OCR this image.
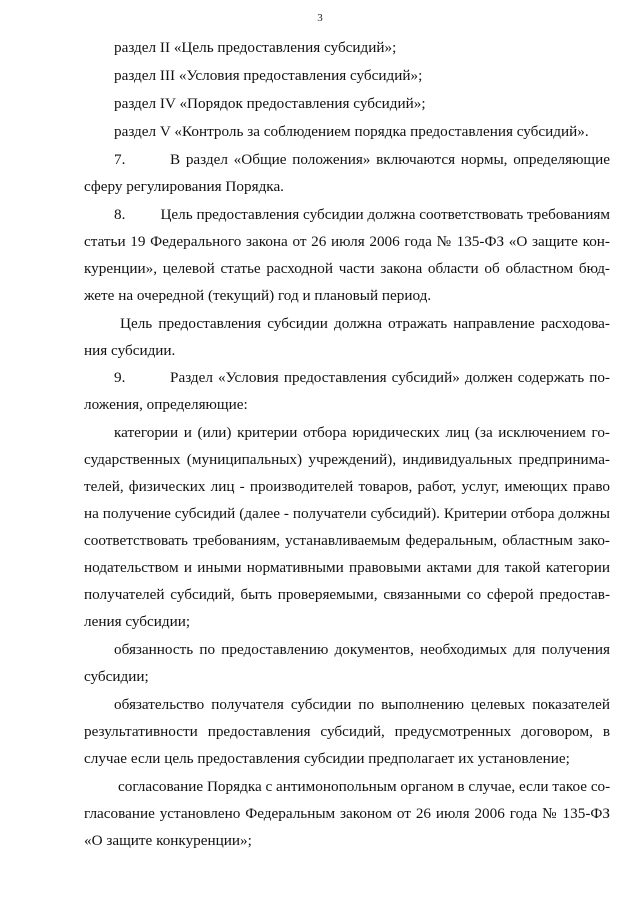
3
раздел II «Цель предоставления субсидий»;
раздел III «Условия предоставления субсидий»;
раздел IV «Порядок предоставления субсидий»;
раздел V «Контроль за соблюдением порядка предоставления субсидий».
7.	В раздел «Общие положения» включаются нормы, определяющие
сферу регулирования Порядка.
8.	Цель предоставления субсидии должна соответствовать требованиям
статьи 19 Федерального закона от 26 июля 2006 года № 135-ФЗ «О защите кон-
куренции», целевой статье расходной части закона области об областном бюд-
жете на очередной (текущий) год и плановый период.
Цель предоставления субсидии должна отражать направление расходова-
ния субсидии.
9.	Раздел «Условия предоставления субсидий» должен содержать по-
ложения, определяющие:
категории и (или) критерии отбора юридических лиц (за исключением го-
сударственных (муниципальных) учреждений), индивидуальных предпринима-
телей, физических лиц - производителей товаров, работ, услуг, имеющих право
на получение субсидий (далее - получатели субсидий). Критерии отбора должны
соответствовать требованиям, устанавливаемым федеральным, областным зако-
нодательством и иными нормативными правовыми актами для такой категории
получателей субсидий, быть проверяемыми, связанными со сферой предостав-
ления субсидии;
обязанность по предоставлению документов, необходимых для получения
субсидии;
обязательство получателя субсидии по выполнению целевых показателей
результативности предоставления субсидий, предусмотренных договором, в
случае если цель предоставления субсидии предполагает их установление;
согласование Порядка с антимонопольным органом в случае, если такое со-
гласование установлено Федеральным законом от 26 июля 2006 года № 135-ФЗ
«О защите конкуренции»;
